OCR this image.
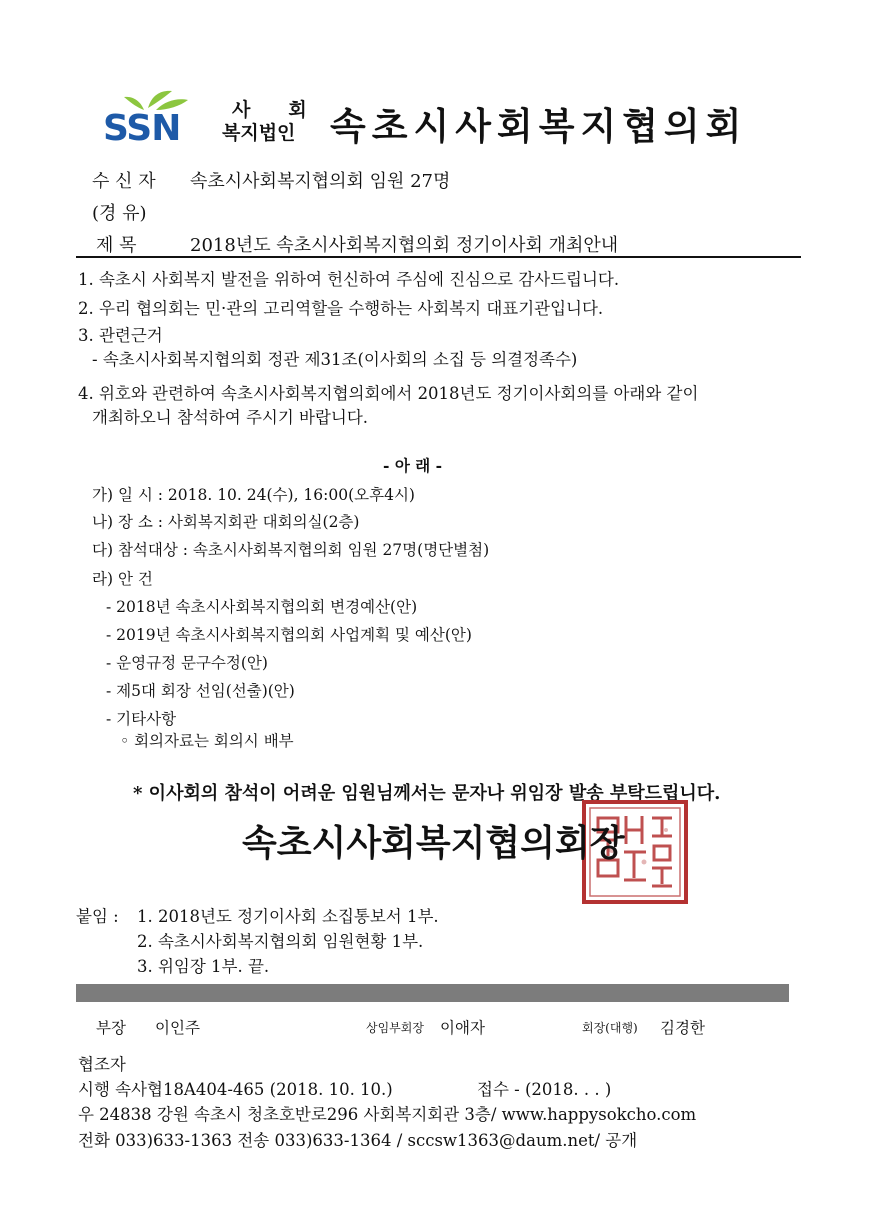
SSN	사회
복지법인 속초시사회복지협의회
수 신 자 속초시사회복지협의회 임원 27명
(경 유)
제 목	2018년도 속초시사회복지협의회 정기이사회 개최안내
1. 속초시 사회복지 발전을 위하여 헌신하여 주심에 진심으로 감사드립니다.
2. 우리 협의회는 민·관의 고리역할을 수행하는 사회복지 대표기관입니다.
3. 관련근거
- 속초시사회복지협의회 정관 제31조(이사회의 소집 등 의결정족수)
4. 위호와 관련하여 속초시사회복지협의회에서 2018년도 정기이사회의를 아래와 같이
개최하오니 참석하여 주시기 바랍니다.
- 아 래 -
가) 일 시 : 2018. 10. 24(수), 16:00(오후4시)
나) 장 소 : 사회복지회관 대회의실(2층)
다) 참석대상 : 속초시사회복지협의회 임원 27명(명단별첨)
라) 안 건
- 2018년 속초시사회복지협의회 변경예산(안)
- 2019년 속초시사회복지협의회 사업계획 및 예산(안)
- 운영규정 문구수정(안)
- 제5대 회장 선임(선출)(안)
- 기타사항
◦ 회의자료는 회의시 배부
* 이사회의 참석이 어려운 임원님께서는 문자나 위임장 발송 부탁드립니다.
속초시사회복지협의회장
붙임 : 1. 2018년도 정기이사회 소집통보서 1부.
2. 속초시사회복지협의회 임원현황 1부.
3. 위임장 1부. 끝.
부장 이인주	상임부회장 이애자	회장(대행) 김경한
협조자
시행 속사협18A404-465 (2018. 10. 10.)	접수 - (2018. . . )
우 24838 강원 속초시 청초호반로296 사회복지회관 3층/ www.happysokcho.com
전화 033)633-1363 전송 033)633-1364 / sccsw1363@daum.net/ 공개
